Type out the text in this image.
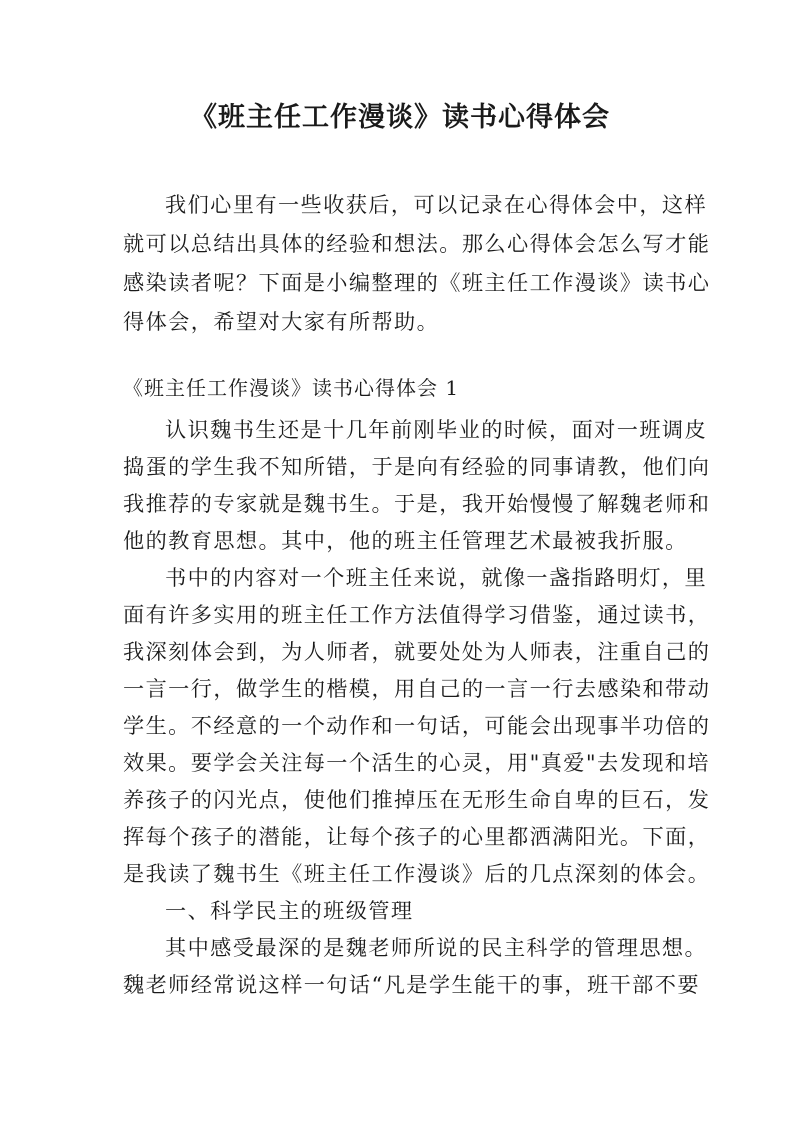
《班主任工作漫谈》读书心得体会
我们心里有一些收获后，可以记录在心得体会中，这样
就可以总结出具体的经验和想法。那么心得体会怎么写才能
感染读者呢？下面是小编整理的《班主任工作漫谈》读书心
得体会，希望对大家有所帮助。
《班主任工作漫谈》读书心得体会 1
认识魏书生还是十几年前刚毕业的时候，面对一班调皮
捣蛋的学生我不知所错，于是向有经验的同事请教，他们向
我推荐的专家就是魏书生。于是，我开始慢慢了解魏老师和
他的教育思想。其中，他的班主任管理艺术最被我折服。
书中的内容对一个班主任来说，就像一盏指路明灯，里
面有许多实用的班主任工作方法值得学习借鉴，通过读书，
我深刻体会到，为人师者，就要处处为人师表，注重自己的
一言一行，做学生的楷模，用自己的一言一行去感染和带动
学生。不经意的一个动作和一句话，可能会出现事半功倍的
效果。要学会关注每一个活生的心灵，用"真爱"去发现和培
养孩子的闪光点，使他们推掉压在无形生命自卑的巨石，发
挥每个孩子的潜能，让每个孩子的心里都洒满阳光。下面，
是我读了魏书生《班主任工作漫谈》后的几点深刻的体会。
一、科学民主的班级管理
其中感受最深的是魏老师所说的民主科学的管理思想。
魏老师经常说这样一句话“凡是学生能干的事，班干部不要
